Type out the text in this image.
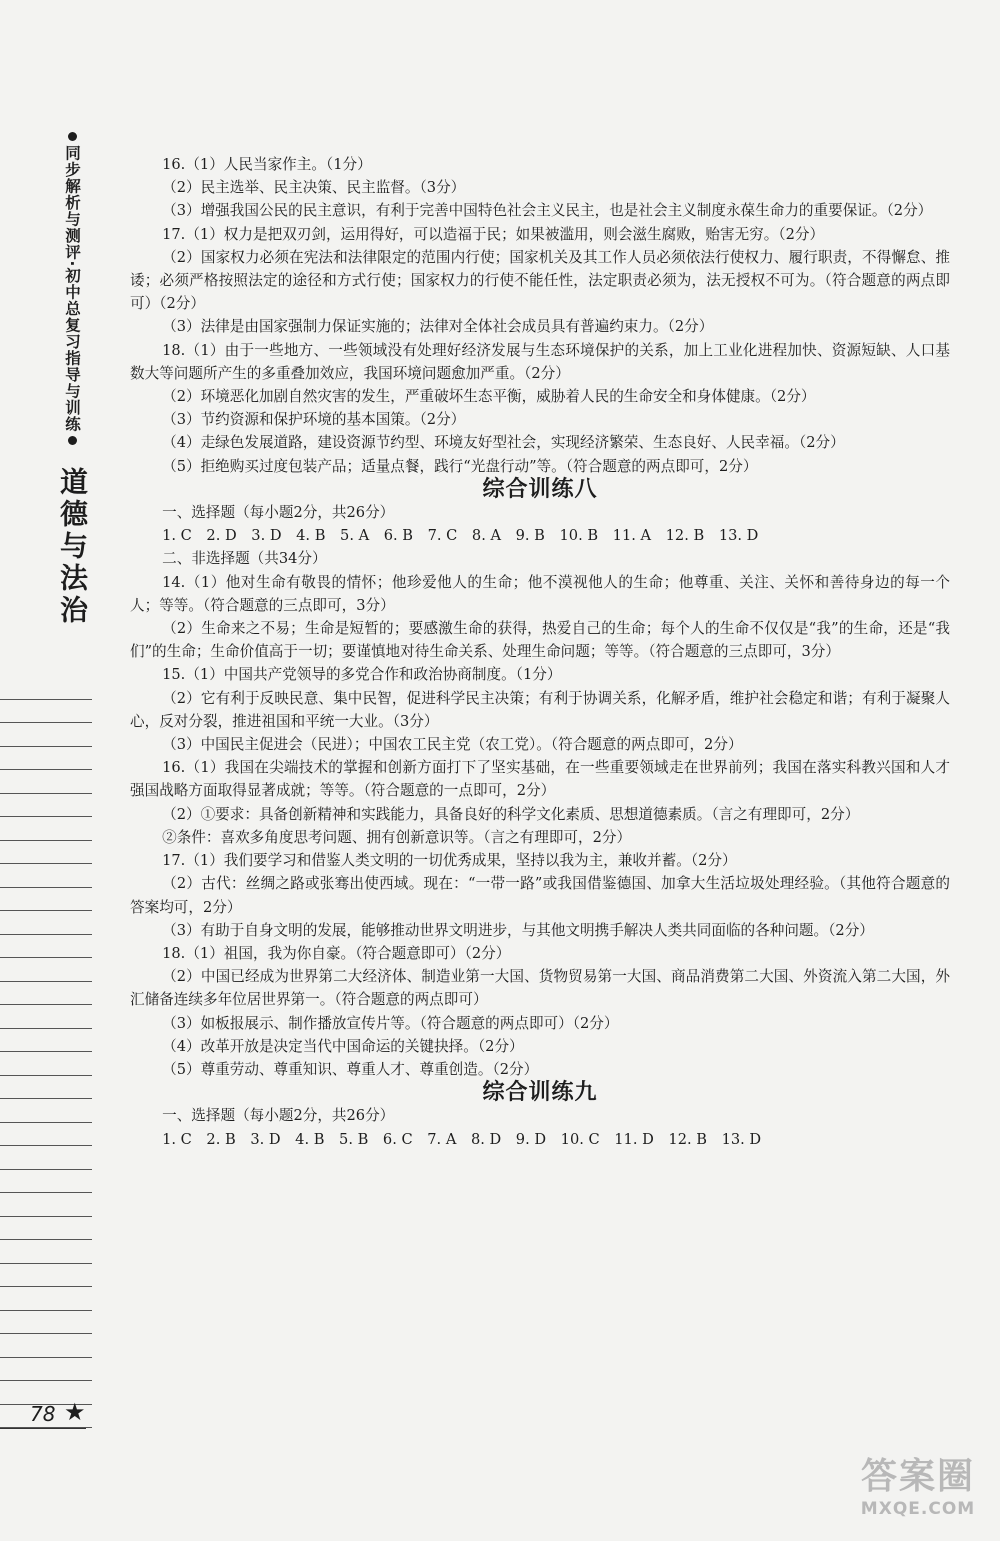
同步解析与测评·初中总复习指导与训练
道德与法治
78 ★

16.（1）人民当家作主。（1分）

（2）民主选举、民主决策、民主监督。（3分）

（3）增强我国公民的民主意识，有利于完善中国特色社会主义民主，也是社会主义制度永葆生命力的重要保证。（2分）

17.（1）权力是把双刃剑，运用得好，可以造福于民；如果被滥用，则会滋生腐败，贻害无穷。（2分）

（2）国家权力必须在宪法和法律限定的范围内行使；国家机关及其工作人员必须依法行使权力、履行职责，不得懈怠、推诿；必须严格按照法定的途径和方式行使；国家权力的行使不能任性，法定职责必须为，法无授权不可为。（符合题意的两点即可）（2分）

（3）法律是由国家强制力保证实施的；法律对全体社会成员具有普遍约束力。（2分）

18.（1）由于一些地方、一些领域没有处理好经济发展与生态环境保护的关系，加上工业化进程加快、资源短缺、人口基数大等问题所产生的多重叠加效应，我国环境问题愈加严重。（2分）

（2）环境恶化加剧自然灾害的发生，严重破坏生态平衡，威胁着人民的生命安全和身体健康。（2分）

（3）节约资源和保护环境的基本国策。（2分）

（4）走绿色发展道路，建设资源节约型、环境友好型社会，实现经济繁荣、生态良好、人民幸福。（2分）

（5）拒绝购买过度包装产品；适量点餐，践行“光盘行动”等。（符合题意的两点即可，2分）

综合训练八

一、选择题（每小题2分，共26分）

1. C　2. D　3. D　4. B　5. A　6. B　7. C　8. A　9. B　10. B　11. A　12. B　13. D

二、非选择题（共34分）

14.（1）他对生命有敬畏的情怀；他珍爱他人的生命；他不漠视他人的生命；他尊重、关注、关怀和善待身边的每一个人；等等。（符合题意的三点即可，3分）

（2）生命来之不易；生命是短暂的；要感激生命的获得，热爱自己的生命；每个人的生命不仅仅是“我”的生命，还是“我们”的生命；生命价值高于一切；要谨慎地对待生命关系、处理生命问题；等等。（符合题意的三点即可，3分）

15.（1）中国共产党领导的多党合作和政治协商制度。（1分）

（2）它有利于反映民意、集中民智，促进科学民主决策；有利于协调关系，化解矛盾，维护社会稳定和谐；有利于凝聚人心，反对分裂，推进祖国和平统一大业。（3分）

（3）中国民主促进会（民进）；中国农工民主党（农工党）。（符合题意的两点即可，2分）

16.（1）我国在尖端技术的掌握和创新方面打下了坚实基础，在一些重要领域走在世界前列；我国在落实科教兴国和人才强国战略方面取得显著成就；等等。（符合题意的一点即可，2分）

（2）①要求：具备创新精神和实践能力，具备良好的科学文化素质、思想道德素质。（言之有理即可，2分）

②条件：喜欢多角度思考问题、拥有创新意识等。（言之有理即可，2分）

17.（1）我们要学习和借鉴人类文明的一切优秀成果，坚持以我为主，兼收并蓄。（2分）

（2）古代：丝绸之路或张骞出使西域。现在：“一带一路”或我国借鉴德国、加拿大生活垃圾处理经验。（其他符合题意的答案均可，2分）

（3）有助于自身文明的发展，能够推动世界文明进步，与其他文明携手解决人类共同面临的各种问题。（2分）

18.（1）祖国，我为你自豪。（符合题意即可）（2分）

（2）中国已经成为世界第二大经济体、制造业第一大国、货物贸易第一大国、商品消费第二大国、外资流入第二大国，外汇储备连续多年位居世界第一。（符合题意的两点即可）

（3）如板报展示、制作播放宣传片等。（符合题意的两点即可）（2分）

（4）改革开放是决定当代中国命运的关键抉择。（2分）

（5）尊重劳动、尊重知识、尊重人才、尊重创造。（2分）

综合训练九

一、选择题（每小题2分，共26分）

1. C　2. B　3. D　4. B　5. B　6. C　7. A　8. D　9. D　10. C　11. D　12. B　13. D

答案圈
MXQE.COM
